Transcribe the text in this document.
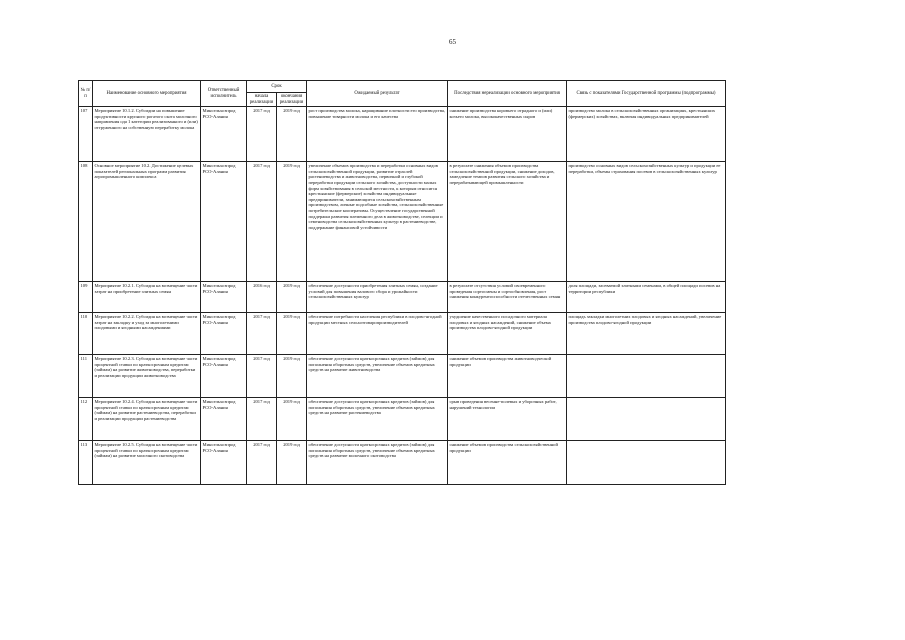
65
№ п/п	Наименование основного мероприятия	Ответственный исполнитель	Срок		Ожидаемый результат	Последствия нереализации основного мероприятия	Связь с показателями Государственной программы (подпрограммы)
			начала реализации	окончания реализации			
107	Мероприятие 10.1.2. Субсидии на повышение продуктивности крупного рогатого скота молочного направления ода 1 категории реализованного и (или) отгруженного на собственную переработку молока	Минсельхозпрод РСО-Алания	2017 год	2019 год	рост производства молока, наращивание плотности его производства, повышение товарности молока и его качества	снижение производства коровьего отрадного и (или) козьего молока, высококачественных сыров	производство молока в сельскохозяйственных организациях, крестьянских (фермерских) хозяйствах, включая индивидуальных предпринимателей
108	Основное мероприятие 10.2. Достижение целевых показателей региональных программ развития агропромышленного комплекса	Минсельхозпрод РСО-Алания	2017 год	2019 год	увеличение объемов производства и переработки основных видов сельскохозяйственной продукции, развитие отраслей растениеводства и животноводства, первичной и глубокой переработки продукции сельского хозяйства, доступности малых форм хозяйствования в сельской местности, к которым относятся крестьянские (фермерские) хозяйства индивидуальные предприниматели, занимающиеся сельскохозяйственным производством, личные подсобные хозяйства, сельскохозяйственные потребительские кооперативы. Осуществление государственной поддержки развития племенного дела в животноводстве, селекции и семеноводства сельскохозяйственных культур в растениеводстве, поддержание финансовой устойчивости	в результате снижения объемов производства сельскохозяйственной продукции, снижение доходов, замедление темпов развития сельского хозяйства и перерабатывающей промышленности	производство основных видов сельскохозяйственных культур и продукции ее переработки, объемы страхования посевов в сельскохозяйственных культур
109	Мероприятие 10.2.1. Субсидия на возмещение части затрат на приобретение элитных семян	Минсельхозпрод РСО-Алания	2016 год	2019 год	обеспечение доступности приобретения элитных семян, создание условий для повышения валового сбора и урожайности сельскохозяйственных культур	в результате отсутствия условий своевременного проведения сортосмены и сортообновления, рост снижения конкурентоспособности отечественных семян	доля площади, засеваемой элитными семенами, в общей площади посевов на территории республики
110	Мероприятие 10.2.2. Субсидия на возмещение части затрат на закладку и уход за многолетними плодовыми и ягодными насаждениями	Минсельхозпрод РСО-Алания	2017 год	2019 год	обеспечение потребности населения республики в плодово-ягодной продукции местных сельхозтоваропроизводителей	ухудшение качественного посадочного материала плодовых и ягодных насаждений, снижение объема производства плодово-ягодной продукции	площадь закладки многолетних плодовых и ягодных насаждений, увеличение производства плодово-ягодной продукции
111	Мероприятие 10.2.3. Субсидия на возмещение части процентной ставки по краткосрочным кредитам (займам) на развитие животноводства, переработки и реализации продукции животноводства	Минсельхозпрод РСО-Алания	2017 год	2019 год	обеспечение доступности краткосрочных кредитов (займов) для пополнения оборотных средств, увеличение объемов кредитных средств на развитие животноводства	снижение объемов производства животноводческой продукции	
112	Мероприятие 10.2.4. Субсидия на возмещение части процентной ставки по краткосрочным кредитам (займам) на развитие растениеводства, переработки и реализации продукции растениеводства	Минсельхозпрод РСО-Алания	2017 год	2019 год	обеспечение доступности краткосрочных кредитов (займов) для пополнения оборотных средств, увеличение объемов кредитных средств на развитие растениеводства	срыв проведения весенне-полевых и уборочных работ, нарушений технологии	
113	Мероприятие 10.2.5. Субсидия на возмещение части процентной ставки по краткосрочным кредитам (займам) на развитие молочного скотоводства	Минсельхозпрод РСО-Алания	2017 год	2019 год	обеспечение доступности краткосрочных кредитов (займов) для пополнения оборотных средств, увеличение объемов кредитных средств на развитие молочного скотоводства	снижение объемов производства сельскохозяйственной продукции	
